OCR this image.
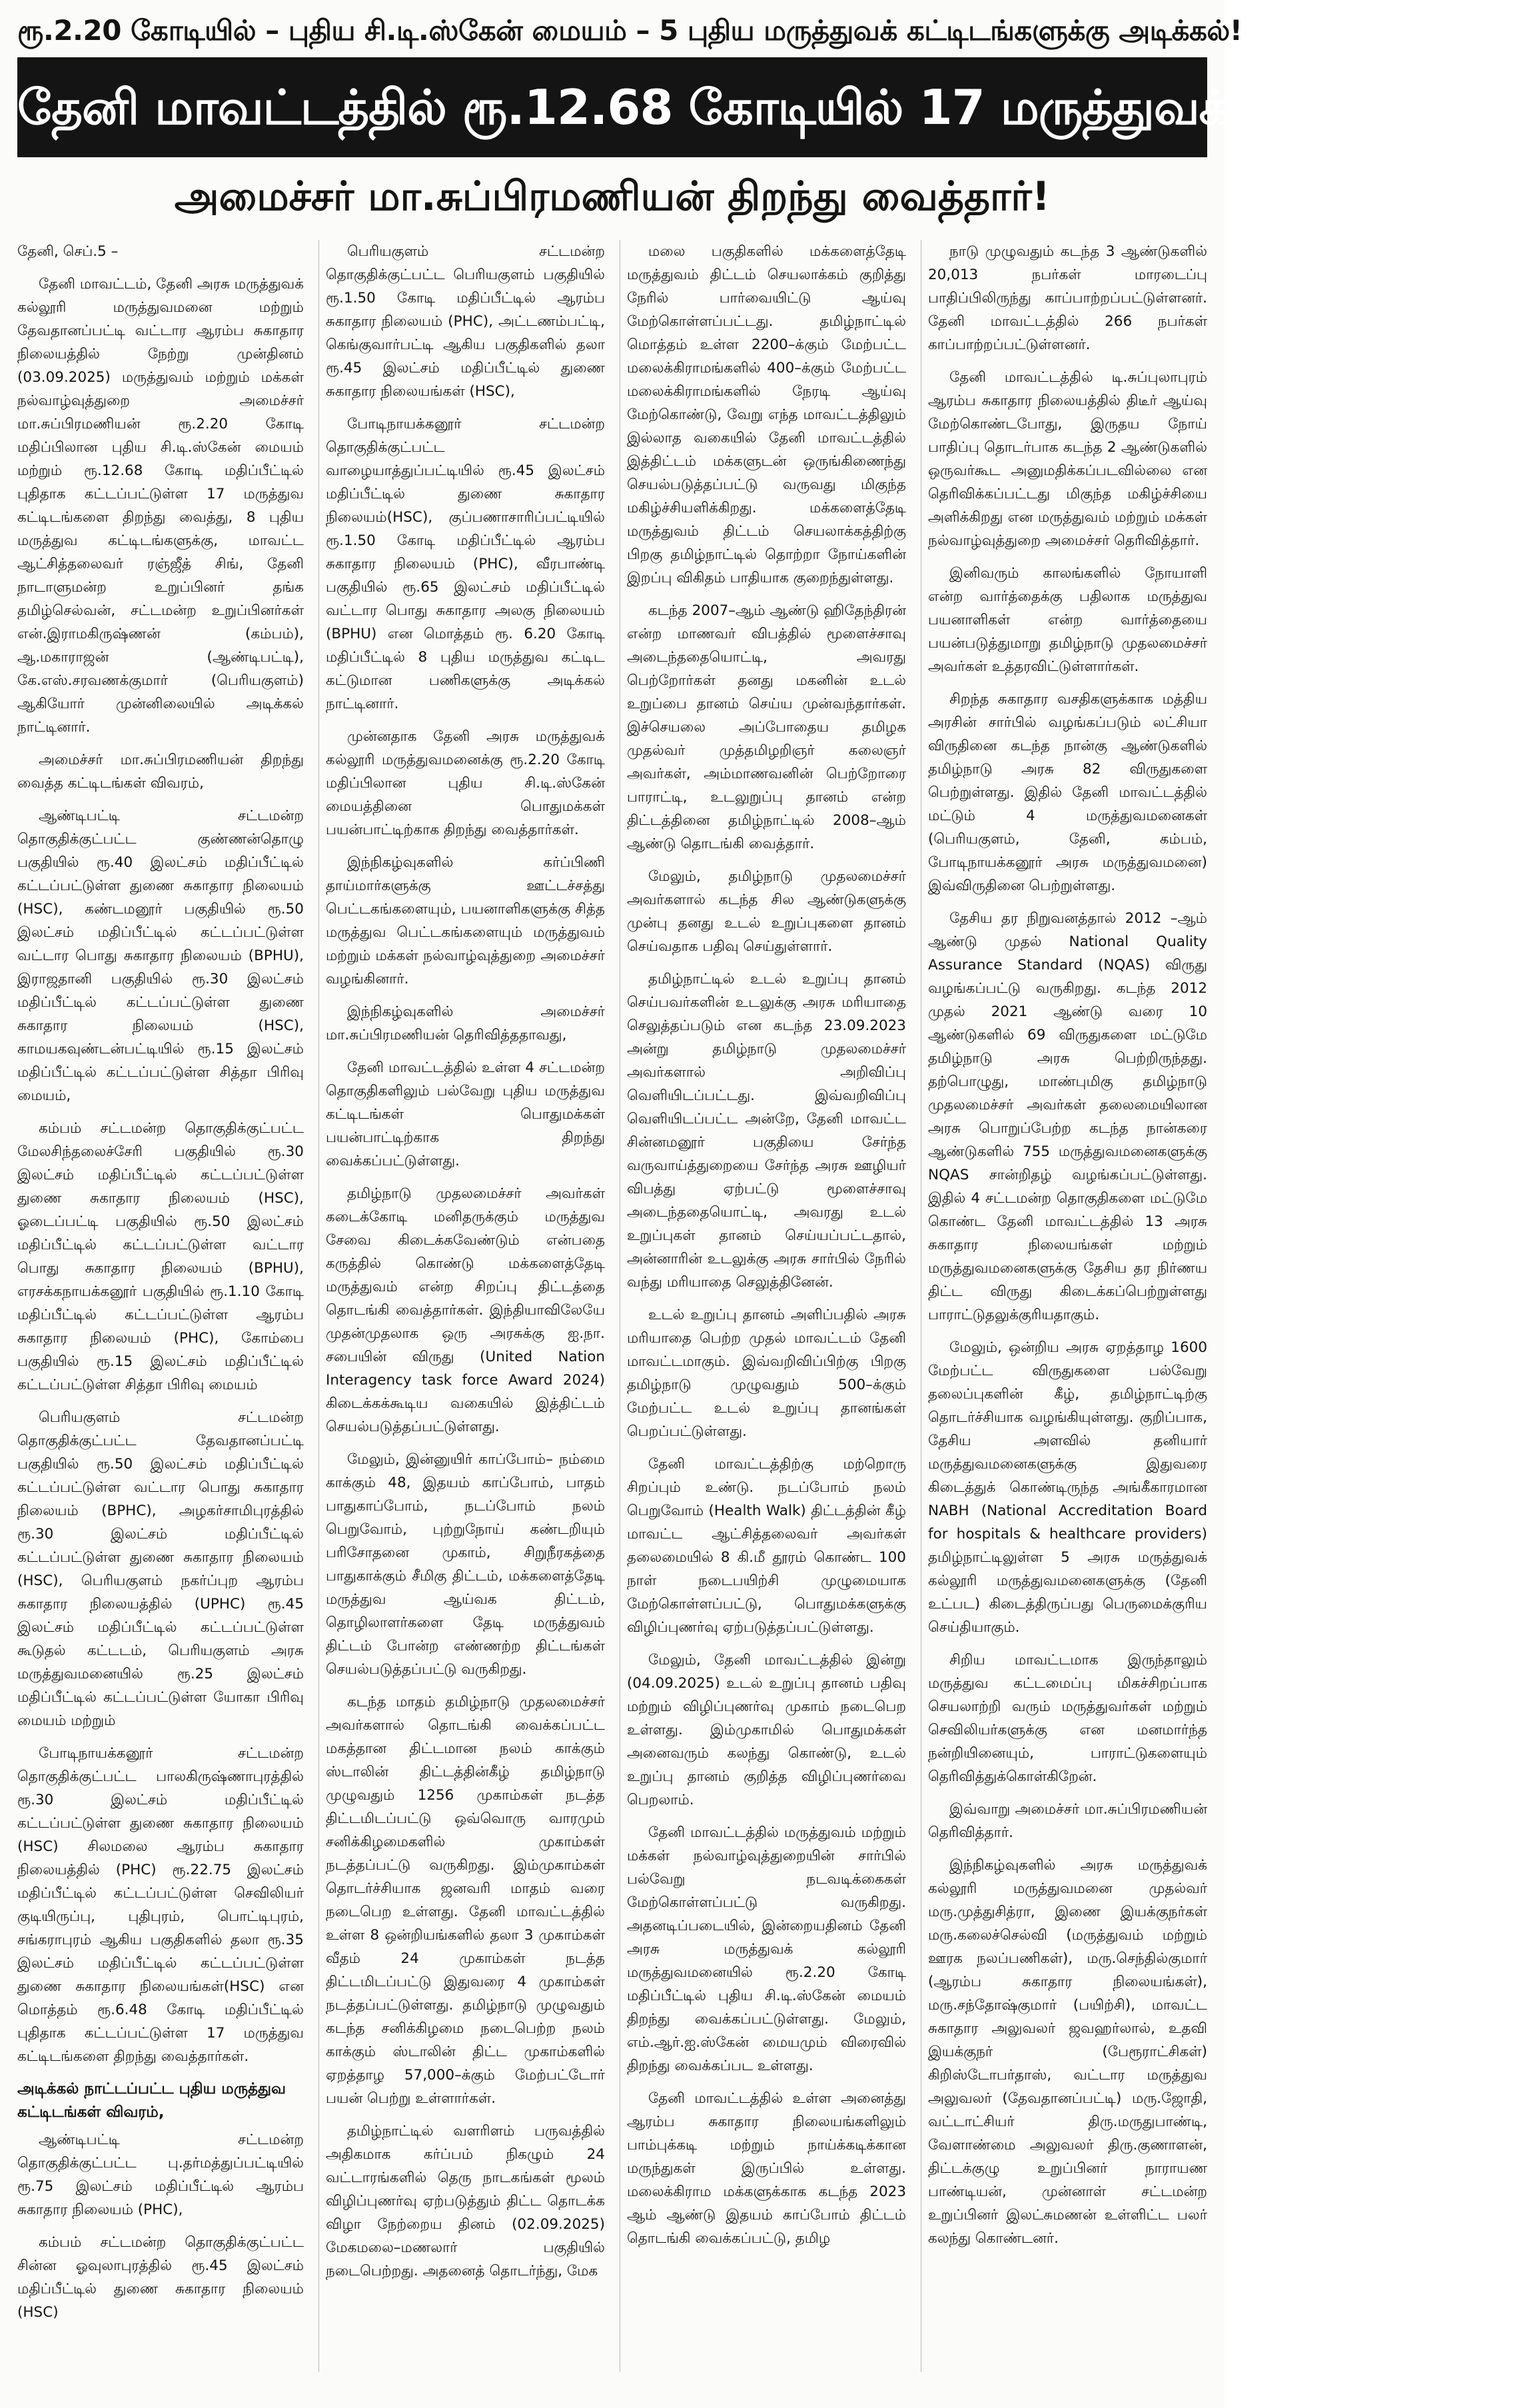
ரூ.2.20 கோடியில் – புதிய சி.டி.ஸ்கேன் மையம் – 5 புதிய மருத்துவக் கட்டிடங்களுக்கு அடிக்கல்!
தேனி மாவட்டத்தில் ரூ.12.68 கோடியில் 17 மருத்துவக் கட்டிடங்கள்!
அமைச்சர் மா.சுப்பிரமணியன் திறந்து வைத்தார்!

தேனி, செப்.5 –

தேனி மாவட்டம், தேனி அரசு மருத்துவக் கல்லூரி மருத்துவமனை மற்றும் தேவதானப்பட்டி வட்டார ஆரம்ப சுகாதார நிலையத்தில் நேற்று முன்தினம் (03.09.2025) மருத்துவம் மற்றும் மக்கள் நல்வாழ்வுத்துறை அமைச்சர் மா.சுப்பிரமணியன் ரூ.2.20 கோடி மதிப்பிலான புதிய சி.டி.ஸ்கேன் மையம் மற்றும் ரூ.12.68 கோடி மதிப்பீட்டில் புதிதாக கட்டப்பட்டுள்ள 17 மருத்துவ கட்டிடங்களை திறந்து வைத்து, 8 புதிய மருத்துவ கட்டிடங்களுக்கு, மாவட்ட ஆட்சித்தலைவர் ரஞ்ஜீத் சிங், தேனி நாடாளுமன்ற உறுப்பினர் தங்க தமிழ்செல்வன், சட்டமன்ற உறுப்பினர்கள் என்.இராமகிருஷ்ணன் (கம்பம்), ஆ.மகாராஜன் (ஆண்டிபட்டி), கே.எஸ்.சரவணக்குமார் (பெரியகுளம்) ஆகியோர் முன்னிலையில் அடிக்கல் நாட்டினார்.

அமைச்சர் மா.சுப்பிரமணியன் திறந்து வைத்த கட்டிடங்கள் விவரம்,

ஆண்டிபட்டி சட்டமன்ற தொகுதிக்குட்பட்ட குண்ணன்தொழு பகுதியில் ரூ.40 இலட்சம் மதிப்பீட்டில் கட்டப்பட்டுள்ள துணை சுகாதார நிலையம் (HSC), கண்டமனூர் பகுதியில் ரூ.50 இலட்சம் மதிப்பீட்டில் கட்டப்பட்டுள்ள வட்டார பொது சுகாதார நிலையம் (BPHU), இராஜதானி பகுதியில் ரூ.30 இலட்சம் மதிப்பீட்டில் கட்டப்பட்டுள்ள துணை சுகாதார நிலையம் (HSC), காமயகவுண்டன்பட்டியில் ரூ.15 இலட்சம் மதிப்பீட்டில் கட்டப்பட்டுள்ள சித்தா பிரிவு மையம்,

கம்பம் சட்டமன்ற தொகுதிக்குட்பட்ட மேலசிந்தலைச்சேரி பகுதியில் ரூ.30 இலட்சம் மதிப்பீட்டில் கட்டப்பட்டுள்ள துணை சுகாதார நிலையம் (HSC), ஓடைப்பட்டி பகுதியில் ரூ.50 இலட்சம் மதிப்பீட்டில் கட்டப்பட்டுள்ள வட்டார பொது சுகாதார நிலையம் (BPHU), எரசக்கநாயக்கனூர் பகுதியில் ரூ.1.10 கோடி மதிப்பீட்டில் கட்டப்பட்டுள்ள ஆரம்ப சுகாதார நிலையம் (PHC), கோம்பை பகுதியில் ரூ.15 இலட்சம் மதிப்பீட்டில் கட்டப்பட்டுள்ள சித்தா பிரிவு மையம்

பெரியகுளம் சட்டமன்ற தொகுதிக்குட்பட்ட தேவதானப்பட்டி பகுதியில் ரூ.50 இலட்சம் மதிப்பீட்டில் கட்டப்பட்டுள்ள வட்டார பொது சுகாதார நிலையம் (BPHC), அழகர்சாமிபுரத்தில் ரூ.30 இலட்சம் மதிப்பீட்டில் கட்டப்பட்டுள்ள துணை சுகாதார நிலையம் (HSC), பெரியகுளம் நகர்ப்புற ஆரம்ப சுகாதார நிலையத்தில் (UPHC) ரூ.45 இலட்சம் மதிப்பீட்டில் கட்டப்பட்டுள்ள கூடுதல் கட்டடம், பெரியகுளம் அரசு மருத்துவமனையில் ரூ.25 இலட்சம் மதிப்பீட்டில் கட்டப்பட்டுள்ள யோகா பிரிவு மையம் மற்றும்

போடிநாயக்கனூர் சட்டமன்ற தொகுதிக்குட்பட்ட பாலகிருஷ்ணாபுரத்தில் ரூ.30 இலட்சம் மதிப்பீட்டில் கட்டப்பட்டுள்ள துணை சுகாதார நிலையம் (HSC) சிலமலை ஆரம்ப சுகாதார நிலையத்தில் (PHC) ரூ.22.75 இலட்சம் மதிப்பீட்டில் கட்டப்பட்டுள்ள செவிலியர் குடியிருப்பு, புதிபுரம், பொட்டிபுரம், சங்கராபுரம் ஆகிய பகுதிகளில் தலா ரூ.35 இலட்சம் மதிப்பீட்டில் கட்டப்பட்டுள்ள துணை சுகாதார நிலையங்கள்(HSC) என மொத்தம் ரூ.6.48 கோடி மதிப்பீட்டில் புதிதாக கட்டப்பட்டுள்ள 17 மருத்துவ கட்டிடங்களை திறந்து வைத்தார்கள்.

அடிக்கல் நாட்டப்பட்ட புதிய மருத்துவ கட்டிடங்கள் விவரம்,

ஆண்டிபட்டி சட்டமன்ற தொகுதிக்குட்பட்ட பு.தர்மத்துப்பட்டியில் ரூ.75 இலட்சம் மதிப்பீட்டில் ஆரம்ப சுகாதார நிலையம் (PHC),

கம்பம் சட்டமன்ற தொகுதிக்குட்பட்ட சின்ன ஓவுலாபுரத்தில் ரூ.45 இலட்சம் மதிப்பீட்டில் துணை சுகாதார நிலையம் (HSC)

பெரியகுளம் சட்டமன்ற தொகுதிக்குட்பட்ட பெரியகுளம் பகுதியில் ரூ.1.50 கோடி மதிப்பீட்டில் ஆரம்ப சுகாதார நிலையம் (PHC), அட்டணம்பட்டி, கெங்குவார்பட்டி ஆகிய பகுதிகளில் தலா ரூ.45 இலட்சம் மதிப்பீட்டில் துணை சுகாதார நிலையங்கள் (HSC),

போடிநாயக்கனூர் சட்டமன்ற தொகுதிக்குட்பட்ட வாழையாத்துப்பட்டியில் ரூ.45 இலட்சம் மதிப்பீட்டில் துணை சுகாதார நிலையம்(HSC), குப்பணாசாரிப்பட்டியில் ரூ.1.50 கோடி மதிப்பீட்டில் ஆரம்ப சுகாதார நிலையம் (PHC), வீரபாண்டி பகுதியில் ரூ.65 இலட்சம் மதிப்பீட்டில் வட்டார பொது சுகாதார அலகு நிலையம் (BPHU) என மொத்தம் ரூ. 6.20 கோடி மதிப்பீட்டில் 8 புதிய மருத்துவ கட்டிட கட்டுமான பணிகளுக்கு அடிக்கல் நாட்டினார்.

முன்னதாக தேனி அரசு மருத்துவக் கல்லூரி மருத்துவமனைக்கு ரூ.2.20 கோடி மதிப்பிலான புதிய சி.டி.ஸ்கேன் மையத்தினை பொதுமக்கள் பயன்பாட்டிற்காக திறந்து வைத்தார்கள்.

இந்நிகழ்வுகளில் கர்ப்பிணி தாய்மார்களுக்கு ஊட்டச்சத்து பெட்டகங்களையும், பயனாளிகளுக்கு சித்த மருத்துவ பெட்டகங்களையும் மருத்துவம் மற்றும் மக்கள் நல்வாழ்வுத்துறை அமைச்சர் வழங்கினார்.

இந்நிகழ்வுகளில் அமைச்சர் மா.சுப்பிரமணியன் தெரிவித்ததாவது,

தேனி மாவட்டத்தில் உள்ள 4 சட்டமன்ற தொகுதிகளிலும் பல்வேறு புதிய மருத்துவ கட்டிடங்கள் பொதுமக்கள் பயன்பாட்டிற்காக திறந்து வைக்கப்பட்டுள்ளது.

தமிழ்நாடு முதலமைச்சர் அவர்கள் கடைக்கோடி மனிதருக்கும் மருத்துவ சேவை கிடைக்கவேண்டும் என்பதை கருத்தில் கொண்டு மக்களைத்தேடி மருத்துவம் என்ற சிறப்பு திட்டத்தை தொடங்கி வைத்தார்கள். இந்தியாவிலேயே முதன்முதலாக ஒரு அரசுக்கு ஐ.நா. சபையின் விருது (United Nation Interagency task force Award 2024) கிடைக்கக்கூடிய வகையில் இத்திட்டம் செயல்படுத்தப்பட்டுள்ளது.

மேலும், இன்னுயிர் காப்போம்– நம்மை காக்கும் 48, இதயம் காப்போம், பாதம் பாதுகாப்போம், நடப்போம் நலம் பெறுவோம், புற்றுநோய் கண்டறியும் பரிசோதனை முகாம், சிறுநீரகத்தை பாதுகாக்கும் சீமிகு திட்டம், மக்களைத்தேடி மருத்துவ ஆய்வக திட்டம், தொழிலாளர்களை தேடி மருத்துவம் திட்டம் போன்ற எண்ணற்ற திட்டங்கள் செயல்படுத்தப்பட்டு வருகிறது.

கடந்த மாதம் தமிழ்நாடு முதலமைச்சர் அவர்களால் தொடங்கி வைக்கப்பட்ட மகத்தான திட்டமான நலம் காக்கும் ஸ்டாலின் திட்டத்தின்கீழ் தமிழ்நாடு முழுவதும் 1256 முகாம்கள் நடத்த திட்டமிடப்பட்டு ஒவ்வொரு வாரமும் சனிக்கிழமைகளில் முகாம்கள் நடத்தப்பட்டு வருகிறது. இம்முகாம்கள் தொடர்ச்சியாக ஜனவரி மாதம் வரை நடைபெற உள்ளது. தேனி மாவட்டத்தில் உள்ள 8 ஒன்றியங்களில் தலா 3 முகாம்கள் வீதம் 24 முகாம்கள் நடத்த திட்டமிடப்பட்டு இதுவரை 4 முகாம்கள் நடத்தப்பட்டுள்ளது. தமிழ்நாடு முழுவதும் கடந்த சனிக்கிழமை நடைபெற்ற நலம் காக்கும் ஸ்டாலின் திட்ட முகாம்களில் ஏறத்தாழ 57,000–க்கும் மேற்பட்டோர் பயன் பெற்று உள்ளார்கள்.

தமிழ்நாட்டில் வளரிளம் பருவத்தில் அதிகமாக கர்ப்பம் நிகழும் 24 வட்டாரங்களில் தெரு நாடகங்கள் மூலம் விழிப்புணர்வு ஏற்படுத்தும் திட்ட தொடக்க விழா நேற்றைய தினம் (02.09.2025) மேகமலை–மணலார் பகுதியில் நடைபெற்றது. அதனைத் தொடர்ந்து, மேக

மலை பகுதிகளில் மக்களைத்தேடி மருத்துவம் திட்டம் செயலாக்கம் குறித்து நேரில் பார்வையிட்டு ஆய்வு மேற்கொள்ளப்பட்டது. தமிழ்நாட்டில் மொத்தம் உள்ள 2200–க்கும் மேற்பட்ட மலைக்கிராமங்களில் 400–க்கும் மேற்பட்ட மலைக்கிராமங்களில் நேரடி ஆய்வு மேற்கொண்டு, வேறு எந்த மாவட்டத்திலும் இல்லாத வகையில் தேனி மாவட்டத்தில் இத்திட்டம் மக்களுடன் ஒருங்கிணைந்து செயல்படுத்தப்பட்டு வருவது மிகுந்த மகிழ்ச்சியளிக்கிறது. மக்களைத்தேடி மருத்துவம் திட்டம் செயலாக்கத்திற்கு பிறகு தமிழ்நாட்டில் தொற்றா நோய்களின் இறப்பு விகிதம் பாதியாக குறைந்துள்ளது.

கடந்த 2007–ஆம் ஆண்டு ஹிதேந்திரன் என்ற மாணவர் விபத்தில் மூளைச்சாவு அடைந்ததையொட்டி, அவரது பெற்றோர்கள் தனது மகனின் உடல் உறுப்பை தானம் செய்ய முன்வந்தார்கள். இச்செயலை அப்போதைய தமிழக முதல்வர் முத்தமிழறிஞர் கலைஞர் அவர்கள், அம்மாணவனின் பெற்றோரை பாராட்டி, உடலுறுப்பு தானம் என்ற திட்டத்தினை தமிழ்நாட்டில் 2008–ஆம் ஆண்டு தொடங்கி வைத்தார்.

மேலும், தமிழ்நாடு முதலமைச்சர் அவர்களால் கடந்த சில ஆண்டுகளுக்கு முன்பு தனது உடல் உறுப்புகளை தானம் செய்வதாக பதிவு செய்துள்ளார்.

தமிழ்நாட்டில் உடல் உறுப்பு தானம் செய்பவர்களின் உடலுக்கு அரசு மரியாதை செலுத்தப்படும் என கடந்த 23.09.2023 அன்று தமிழ்நாடு முதலமைச்சர் அவர்களால் அறிவிப்பு வெளியிடப்பட்டது. இவ்வறிவிப்பு வெளியிடப்பட்ட அன்றே, தேனி மாவட்ட சின்னமனூர் பகுதியை சேர்ந்த வருவாய்த்துறையை சேர்ந்த அரசு ஊழியர் விபத்து ஏற்பட்டு மூளைச்சாவு அடைந்ததையொட்டி, அவரது உடல் உறுப்புகள் தானம் செய்யப்பட்டதால், அன்னாரின் உடலுக்கு அரசு சார்பில் நேரில் வந்து மரியாதை செலுத்தினேன்.

உடல் உறுப்பு தானம் அளிப்பதில் அரசு மரியாதை பெற்ற முதல் மாவட்டம் தேனி மாவட்டமாகும். இவ்வறிவிப்பிற்கு பிறகு தமிழ்நாடு முழுவதும் 500–க்கும் மேற்பட்ட உடல் உறுப்பு தானங்கள் பெறப்பட்டுள்ளது.

தேனி மாவட்டத்திற்கு மற்றொரு சிறப்பும் உண்டு. நடப்போம் நலம் பெறுவோம் (Health Walk) திட்டத்தின் கீழ் மாவட்ட ஆட்சித்தலைவர் அவர்கள் தலைமையில் 8 கி.மீ தூரம் கொண்ட 100 நாள் நடைபயிற்சி முழுமையாக மேற்கொள்ளப்பட்டு, பொதுமக்களுக்கு விழிப்புணர்வு ஏற்படுத்தப்பட்டுள்ளது.

மேலும், தேனி மாவட்டத்தில் இன்று (04.09.2025) உடல் உறுப்பு தானம் பதிவு மற்றும் விழிப்புணர்வு முகாம் நடைபெற உள்ளது. இம்முகாமில் பொதுமக்கள் அனைவரும் கலந்து கொண்டு, உடல் உறுப்பு தானம் குறித்த விழிப்புணர்வை பெறலாம்.

தேனி மாவட்டத்தில் மருத்துவம் மற்றும் மக்கள் நல்வாழ்வுத்துறையின் சார்பில் பல்வேறு நடவடிக்கைகள் மேற்கொள்ளப்பட்டு வருகிறது. அதனடிப்படையில், இன்றையதினம் தேனி அரசு மருத்துவக் கல்லூரி மருத்துவமனையில் ரூ.2.20 கோடி மதிப்பீட்டில் புதிய சி.டி.ஸ்கேன் மையம் திறந்து வைக்கப்பட்டுள்ளது. மேலும், எம்.ஆர்.ஐ.ஸ்கேன் மையமும் விரைவில் திறந்து வைக்கப்பட உள்ளது.

தேனி மாவட்டத்தில் உள்ள அனைத்து ஆரம்ப சுகாதார நிலையங்களிலும் பாம்புக்கடி மற்றும் நாய்க்கடிக்கான மருந்துகள் இருப்பில் உள்ளது. மலைக்கிராம மக்களுக்காக கடந்த 2023 ஆம் ஆண்டு இதயம் காப்போம் திட்டம் தொடங்கி வைக்கப்பட்டு, தமிழ

நாடு முழுவதும் கடந்த 3 ஆண்டுகளில் 20,013 நபர்கள் மாரடைப்பு பாதிப்பிலிருந்து காப்பாற்றப்பட்டுள்ளனர். தேனி மாவட்டத்தில் 266 நபர்கள் காப்பாற்றப்பட்டுள்ளனர்.

தேனி மாவட்டத்தில் டி.சுப்புலாபுரம் ஆரம்ப சுகாதார நிலையத்தில் திடீர் ஆய்வு மேற்கொண்டபோது, இருதய நோய் பாதிப்பு தொடர்பாக கடந்த 2 ஆண்டுகளில் ஒருவர்கூட அனுமதிக்கப்படவில்லை என தெரிவிக்கப்பட்டது மிகுந்த மகிழ்ச்சியை அளிக்கிறது என மருத்துவம் மற்றும் மக்கள் நல்வாழ்வுத்துறை அமைச்சர் தெரிவித்தார்.

இனிவரும் காலங்களில் நோயாளி என்ற வார்த்தைக்கு பதிலாக மருத்துவ பயனாளிகள் என்ற வார்த்தையை பயன்படுத்துமாறு தமிழ்நாடு முதலமைச்சர் அவர்கள் உத்தரவிட்டுள்ளார்கள்.

சிறந்த சுகாதார வசதிகளுக்காக மத்திய அரசின் சார்பில் வழங்கப்படும் லட்சியா விருதினை கடந்த நான்கு ஆண்டுகளில் தமிழ்நாடு அரசு 82 விருதுகளை பெற்றுள்ளது. இதில் தேனி மாவட்டத்தில் மட்டும் 4 மருத்துவமனைகள் (பெரியகுளம், தேனி, கம்பம், போடிநாயக்கனூர் அரசு மருத்துவமனை) இவ்விருதினை பெற்றுள்ளது.

தேசிய தர நிறுவனத்தால் 2012 –ஆம் ஆண்டு முதல் National Quality Assurance Standard (NQAS) விருது வழங்கப்பட்டு வருகிறது. கடந்த 2012 முதல் 2021 ஆண்டு வரை 10 ஆண்டுகளில் 69 விருதுகளை மட்டுமே தமிழ்நாடு அரசு பெற்றிருந்தது. தற்பொழுது, மாண்புமிகு தமிழ்நாடு முதலமைச்சர் அவர்கள் தலைமையிலான அரசு பொறுப்பேற்ற கடந்த நான்கரை ஆண்டுகளில் 755 மருத்துவமனைகளுக்கு NQAS சான்றிதழ் வழங்கப்பட்டுள்ளது. இதில் 4 சட்டமன்ற தொகுதிகளை மட்டுமே கொண்ட தேனி மாவட்டத்தில் 13 அரசு சுகாதார நிலையங்கள் மற்றும் மருத்துவமனைகளுக்கு தேசிய தர நிர்ணய திட்ட விருது கிடைக்கப்பெற்றுள்ளது பாராட்டுதலுக்குரியதாகும்.

மேலும், ஒன்றிய அரசு ஏறத்தாழ 1600 மேற்பட்ட விருதுகளை பல்வேறு தலைப்புகளின் கீழ், தமிழ்நாட்டிற்கு தொடர்ச்சியாக வழங்கியுள்ளது. குறிப்பாக, தேசிய அளவில் தனியார் மருத்துவமனைகளுக்கு இதுவரை கிடைத்துக் கொண்டிருந்த அங்கீகாரமான NABH (National Accreditation Board for hospitals & healthcare providers) தமிழ்நாட்டிலுள்ள 5 அரசு மருத்துவக் கல்லூரி மருத்துவமனைகளுக்கு (தேனி உட்பட) கிடைத்திருப்பது பெருமைக்குரிய செய்தியாகும்.

சிறிய மாவட்டமாக இருந்தாலும் மருத்துவ கட்டமைப்பு மிகச்சிறப்பாக செயலாற்றி வரும் மருத்துவர்கள் மற்றும் செவிலியர்களுக்கு என மனமார்ந்த நன்றியினையும், பாராட்டுகளையும் தெரிவித்துக்கொள்கிறேன்.

இவ்வாறு அமைச்சர் மா.சுப்பிரமணியன் தெரிவித்தார்.

இந்நிகழ்வுகளில் அரசு மருத்துவக் கல்லூரி மருத்துவமனை முதல்வர் மரு.முத்துசித்ரா, இணை இயக்குநர்கள் மரு.கலைச்செல்வி (மருத்துவம் மற்றும் ஊரக நலப்பணிகள்), மரு.செந்தில்குமார் (ஆரம்ப சுகாதார நிலையங்கள்), மரு.சந்தோஷ்குமார் (பயிற்சி), மாவட்ட சுகாதார அலுவலர் ஜவஹர்லால், உதவி இயக்குநர் (பேரூராட்சிகள்) கிறிஸ்டோபர்தாஸ், வட்டார மருத்துவ அலுவலர் (தேவதானப்பட்டி) மரு.ஜோதி, வட்டாட்சியர் திரு.மருதுபாண்டி, வேளாண்மை அலுவலர் திரு.குணாளன், திட்டக்குழு உறுப்பினர் நாராயண பாண்டியன், முன்னாள் சட்டமன்ற உறுப்பினர் இலட்சுமணன் உள்ளிட்ட பலர் கலந்து கொண்டனர்.
